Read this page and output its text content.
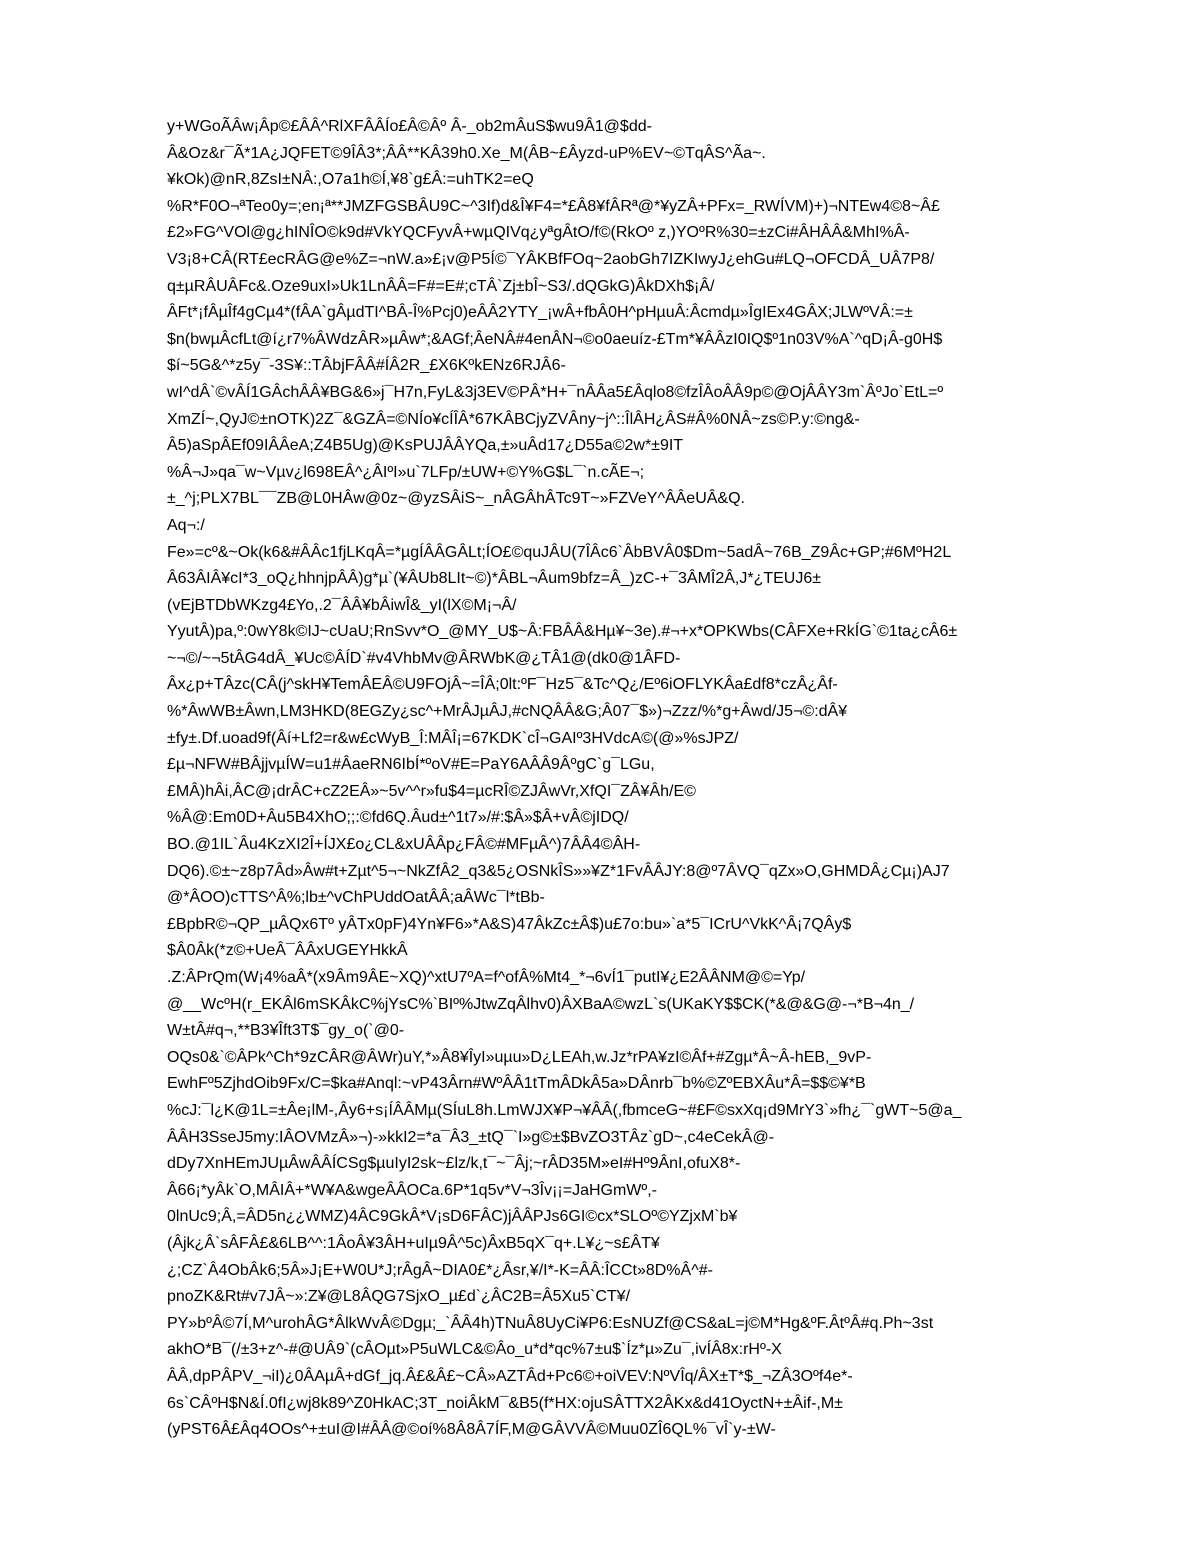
y+WGoÃÂw¡Âp©£ÂÂ^RlXFÂÂÍo£Â©Âº Â-_ob2mÂuS$wu9Â1@$dd-
Â&Oz&r¯Ã*1A¿JQFET©9ÎÂ3*;ÂÂ**KÂ39h0.Xe_M(ÂB~£Âyzd-uP%EV~©TqÂS^Ãa~.
¥kOk)@nR,8ZsI±NÂ:,O7a1h©Í,¥8`g£Â:=uhTK2=eQ
%R*F0O¬ªTeo0y=;en¡ª**JMZFGSBÂU9C~^3If)d&Î¥F4=*£Â8¥fÂRª@*¥yZÂ+PFx=_RWÍVM)+)¬NTEw4©8~Â£
£2»FG^VOl@g¿hINÎO©k9d#VkYQCFyvÂ+wµQIVq¿yªgÂtO/f©(RkOº z,)YOºR%30=±zCi#ÂHÂÂ&MhI%Â-
V3¡8+CÂ(RT£ecRÂG@e%Z=¬nW.a»£¡v@P5Í©¯YÂKBfFOq~2aobGh7IZKIwyJ¿ehGu#LQ¬OFCDÂ_UÂ7P8/
q±µRÂUÂFc&.Oze9uxI»Uk1LnÂÂ=F#=E#;cTÂ`Zj±bÎ~S3/.dQGkG)ÂkDXh$¡Â/
ÂFt*¡fÂµÎf4gCµ4*(fÂA`gÂµdTI^BÂ-Î%Pcj0)eÂÂ2YTY_¡wÂ+fbÂ0H^pHµuÂ:Âcmdµ»ÎgIEx4GÂX;JLWºVÂ:=±
$n(bwµÂcfLt@í¿r7%ÂWdzÂR»µÂw*;&AGf;ÂeNÂ#4enÂN¬©o0aeuíz-£Tm*¥ÂÂzI0IQ$º1n03V%A`^qD¡Â-g0H$
$í~5G&^*z5y¯-3S¥::TÂbjFÂÂ#ÍÂ2R_£X6KºkENz6RJÂ6-
wI^dÂ`©vÂÍ1GÂchÂÂ¥BG&6»j¯H7n,FyL&3j3EV©PÂ*H+¯nÂÂa5£Âqlo8©fzÎÂoÂÂ9p©@OjÂÂY3m`ÂºJo`EtL=º
XmZÍ~,QyJ©±nOTK)2Z¯&GZÂ=©NÍo¥cÍÎÂ*67KÂBCjyZVÂny~j^::ÎlÂH¿ÂS#Â%0NÂ~zs©P.y:©ng&-
Â5)aSpÂEf09IÂÂeA;Z4B5Ug)@KsPUJÂÂYQa,±»uÂd17¿D55a©2w*±9IT
%Â¬J»qa¯w~Vµv¿l698EÂ^¿ÂIºI»u`7LFp/±UW+©Y%G$L¯`n.cÃE¬;
±_^j;PLX7BL¯¯ZB@L0HÂw@0z~@yzSÂiS~_nÂGÂhÂTc9T~»FZVeY^ÂÂeUÂ&Q.
Aq¬:/
Fe»=cº&~Ok(k6&#ÂÂc1fjLKqÂ=*µgÍÂÂGÂLt;ÍO£©quJÂU(7ÎÂc6`ÂbBVÂ0$Dm~5adÂ~76B_Z9Âc+GP;#6MºH2L
Â63ÂIÂ¥cI*3_oQ¿hhnjpÂÂ)g*µ`(¥ÂUb8LIt~©)*ÂBL¬Âum9bfz=Â_)zC-+¯3ÂMÎ2Â,J*¿TEUJ6±
(vEjBTDbWKzg4£Yo,.2¯ÂÂ¥bÂiwÎ&_yI(lX©M¡¬Â/
YyutÂ)pa,º:0wY8k©IJ~cUaU;RnSvv*O_@MY_U$~Â:FBÂÂ&Hµ¥~3e).#¬+x*OPKWbs(CÂFXe+RkÍG`©1ta¿cÂ6±
~¬©/~¬5tÂG4dÂ_¥Uc©ÂÍD`#v4VhbMv@ÂRWbK@¿TÂ1@(dk0@1ÂFD-
Âx¿p+TÂzc(CÂ(j^skH¥TemÂEÂ©U9FOjÂ~=ÎÂ;0lt:ºF¯Hz5¯&Tc^Q¿/Eº6iOFLYKÂa£df8*czÂ¿Âf-
%*ÂwWB±Âwn,LM3HKD(8EGZy¿sc^+MrÂJµÂJ,#cNQÂÂ&G;Â07¯$»)¬Zzz/%*g+Âwd/J5¬©:dÂ¥
±fy±.Df.uoad9f(Âí+Lf2=r&w£cWyB_Î:MÂÎ¡=67KDK`cÎ¬GAIº3HVdcA©(@»%sJPZ/
£µ¬NFW#BÂjjvµÍW=u1#ÂaeRN6IbÍ*ºoV#E=PaY6AÂÂ9ÂºgC`g¯LGu,
£MÂ)hÂi,ÂC@¡drÂC+cZ2EÂ»~5v^^r»fu$4=µcRÎ©ZJÂwVr,XfQI¯ZÂ¥Âh/E©
%Â@:Em0D+Âu5B4XhO;;:©fd6Q.Âud±^1t7»/#:$Â»$Â+vÂ©jIDQ/
BO.@1IL`Âu4KzXI2Î+ÍJX£o¿CL&xUÂÂp¿FÂ©#MFµÂ^)7ÂÂ4©ÂH-
DQ6).©±~z8p7Âd»Âw#t+Zµt^5¬~NkZfÂ2_q3&5¿OSNkÎS»»¥Z*1FvÂÂJY:8@º7ÂVQ¯qZx»O,GHMDÂ¿Cµ¡)AJ7
@*ÂOO)cTTS^Â%;lb±^vChPUddOatÂÂ;aÂWc¯l*tBb-
£BpbR©¬QP_µÂQx6Tº yÂTx0pF)4Yn¥F6»*A&S)47ÂkZc±Â$)u£7o:bu»`a*5¯ICrU^VkK^Â¡7QÂy$
$Â0Âk(*z©+UeÂ¯ÂÂxUGEYHkkÂ
.Z:ÂPrQm(W¡4%aÂ*(x9Âm9ÂE~XQ)^xtU7ºA=f^ofÂ%Mt4_*¬6vÍ1¯putI¥¿E2ÂÂNM@©=Yp/
@__WcºH(r_EKÂl6mSKÂkC%jYsC%`BIº%JtwZqÂlhv0)ÂXBaA©wzL`s(UKaKY$$CK(*&@&G@-¬*B¬4n_/
W±tÂ#q¬,**B3¥Îft3T$¯gy_o(`@0-
OQs0&`©ÂPk^Ch*9zCÂR@ÂWr)uY,*»Â8¥ÎyI»uµu»D¿LEAh,w.Jz*rPA¥zI©Âf+#Zgµ*Â~Â-hEB,_9vP-
EwhFº5ZjhdOib9Fx/C=$ka#Anql:~vP43Ârn#WºÂÂ1tTmÂDkÂ5a»DÂnrb¯b%©ZºEBXÂu*Â=$$©¥*B
%cJ:¯l¿K@1L=±Âe¡lM-,Ây6+s¡ÍÂÂMµ(SÍuL8h.LmWJX¥P¬¥ÂÂ(,fbmceG~#£F©sxXq¡d9MrY3`»fh¿¯`gWT~5@a_
ÂÂH3SseJ5my:IÂOVMzÂ»¬)-»kkI2=*a¯Â3_±tQ¯`I»g©±$BvZO3TÂz`gD~,c4eCekÂ@-
dDy7XnHEmJUµÂwÂÂÍCSg$µuIyI2sk~£lz/k,t¯~¯Âj;~rÂD35M»eI#Hº9ÂnI,ofuX8*-
Â66¡*yÂk`O,MÂIÂ+*W¥A&wgeÂÂOCa.6P*1q5v*V¬3Îv¡¡=JaHGmWº,-
0lnUc9;Â,=ÂD5n¿¿WMZ)4ÂC9GkÂ*V¡sD6FÂC)jÂÂPJs6GI©cx*SLOº©YZjxM`b¥
(Âjk¿Â`sÂFÂ£&6LB^^:1ÂoÂ¥3ÂH+uIµ9Â^5c)ÂxB5qX¯q+.L¥¿~s£ÂT¥
¿;CZ`Â4ObÂk6;5Â»J¡E+W0U*J;rÂgÂ~DIA0£*¿Âsr,¥/I*-K=ÂÂ:ÎCCt»8D%Â^#-
pnoZK&Rt#v7JÂ~»:Z¥@L8ÂQG7SjxO_µ£d`¿ÂC2B=Â5Xu5`CT¥/
PY»bºÂ©7Í,M^urohÂG*ÂlkWvÂ©Dgµ;_`ÂÂ4h)TNuÂ8UyCi¥P6:EsNUZf@CS&aL=j©M*Hg&ºF.ÂtºÂ#q.Ph~3st
akhO*B¯(/±3+z^-#@UÂ9`(cÂOµt»P5uWLC&©Âo_u*d*qc%7±u$`Íz*µ»Zu¯,ivÍÂ8x:rHº-X
ÂÂ,dpPÂPV_¬iI)¿0ÂAµÂ+dGf_jq.Â£&Â£~CÂ»AZTÂd+Pc6©+oiVEV:NºVÎq/ÂX±T*$_¬ZÂ3Oºf4e*-
6s`CÂºH$N&Í.0fI¿wj8k89^Z0HkAC;3T_noiÂkM¯&B5(f*HX:ojuSÂTTX2ÂKx&d41OyctN+±Âif-,M±
(yPST6Â£Âq4OOs^+±uI@I#ÂÂ@©oí%8Â8Â7ÍF,M@GÂVVÂ©Muu0ZÎ6QL%¯vÎ`y-±W-
